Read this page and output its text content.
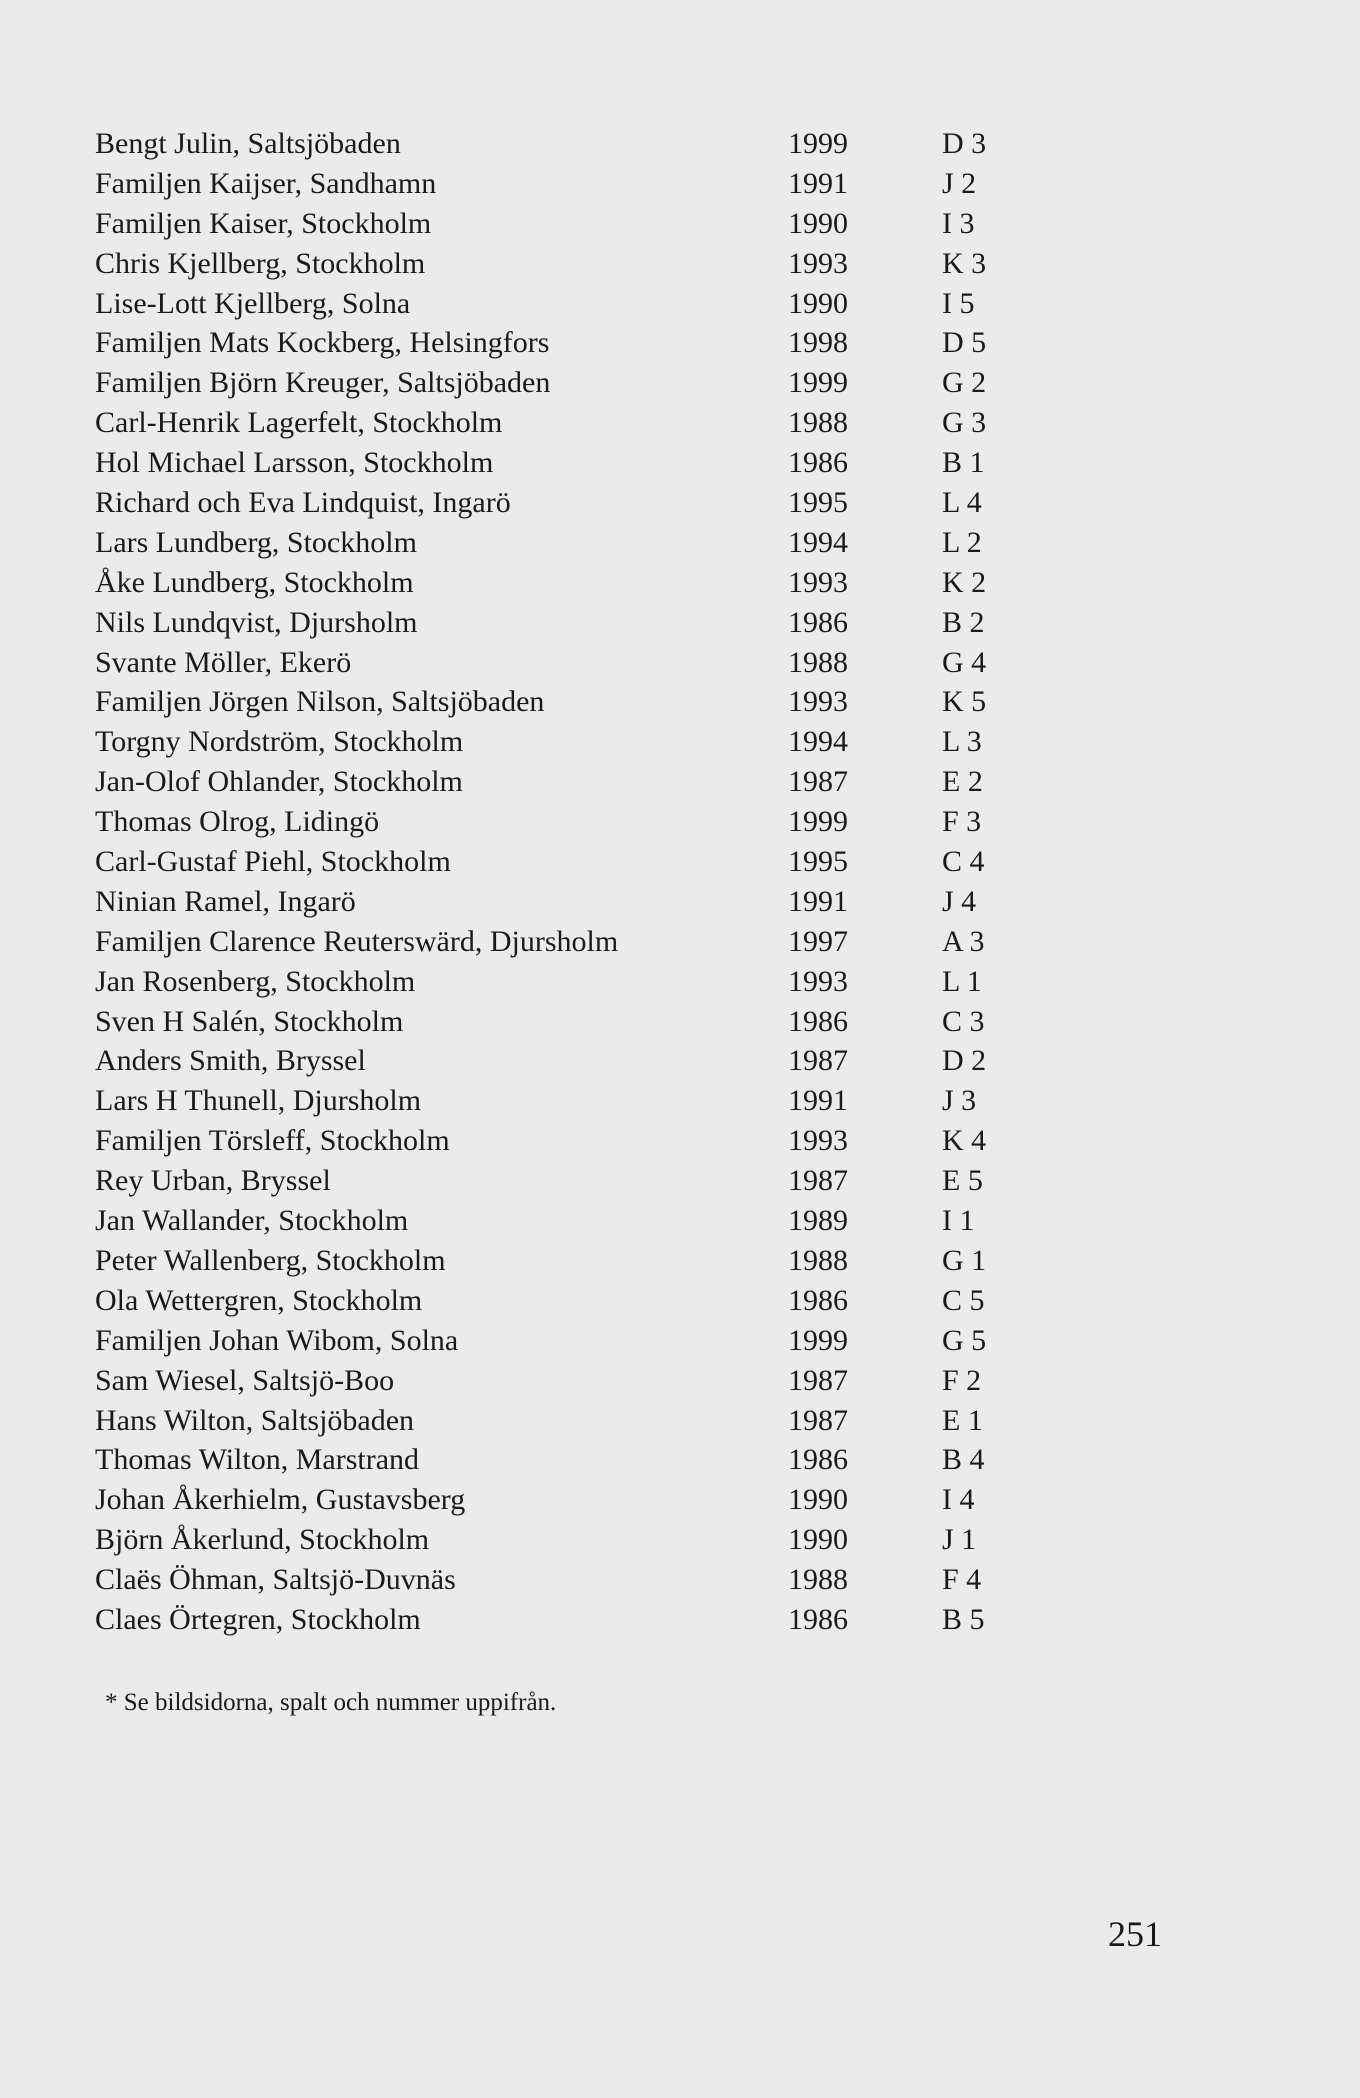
Bengt Julin, Saltsjöbaden	1999	D 3
Familjen Kaijser, Sandhamn	1991	J 2
Familjen Kaiser, Stockholm	1990	I 3
Chris Kjellberg, Stockholm	1993	K 3
Lise-Lott Kjellberg, Solna	1990	I 5
Familjen Mats Kockberg, Helsingfors	1998	D 5
Familjen Björn Kreuger, Saltsjöbaden	1999	G 2
Carl-Henrik Lagerfelt, Stockholm	1988	G 3
Hol Michael Larsson, Stockholm	1986	B 1
Richard och Eva Lindquist, Ingarö	1995	L 4
Lars Lundberg, Stockholm	1994	L 2
Åke Lundberg, Stockholm	1993	K 2
Nils Lundqvist, Djursholm	1986	B 2
Svante Möller, Ekerö	1988	G 4
Familjen Jörgen Nilson, Saltsjöbaden	1993	K 5
Torgny Nordström, Stockholm	1994	L 3
Jan-Olof Ohlander, Stockholm	1987	E 2
Thomas Olrog, Lidingö	1999	F 3
Carl-Gustaf Piehl, Stockholm	1995	C 4
Ninian Ramel, Ingarö	1991	J 4
Familjen Clarence Reuterswärd, Djursholm	1997	A 3
Jan Rosenberg, Stockholm	1993	L 1
Sven H Salén, Stockholm	1986	C 3
Anders Smith, Bryssel	1987	D 2
Lars H Thunell, Djursholm	1991	J 3
Familjen Törsleff, Stockholm	1993	K 4
Rey Urban, Bryssel	1987	E 5
Jan Wallander, Stockholm	1989	I 1
Peter Wallenberg, Stockholm	1988	G 1
Ola Wettergren, Stockholm	1986	C 5
Familjen Johan Wibom, Solna	1999	G 5
Sam Wiesel, Saltsjö-Boo	1987	F 2
Hans Wilton, Saltsjöbaden	1987	E 1
Thomas Wilton, Marstrand	1986	B 4
Johan Åkerhielm, Gustavsberg	1990	I 4
Björn Åkerlund, Stockholm	1990	J 1
Claës Öhman, Saltsjö-Duvnäs	1988	F 4
Claes Örtegren, Stockholm	1986	B 5
* Se bildsidorna, spalt och nummer uppifrån.
251
